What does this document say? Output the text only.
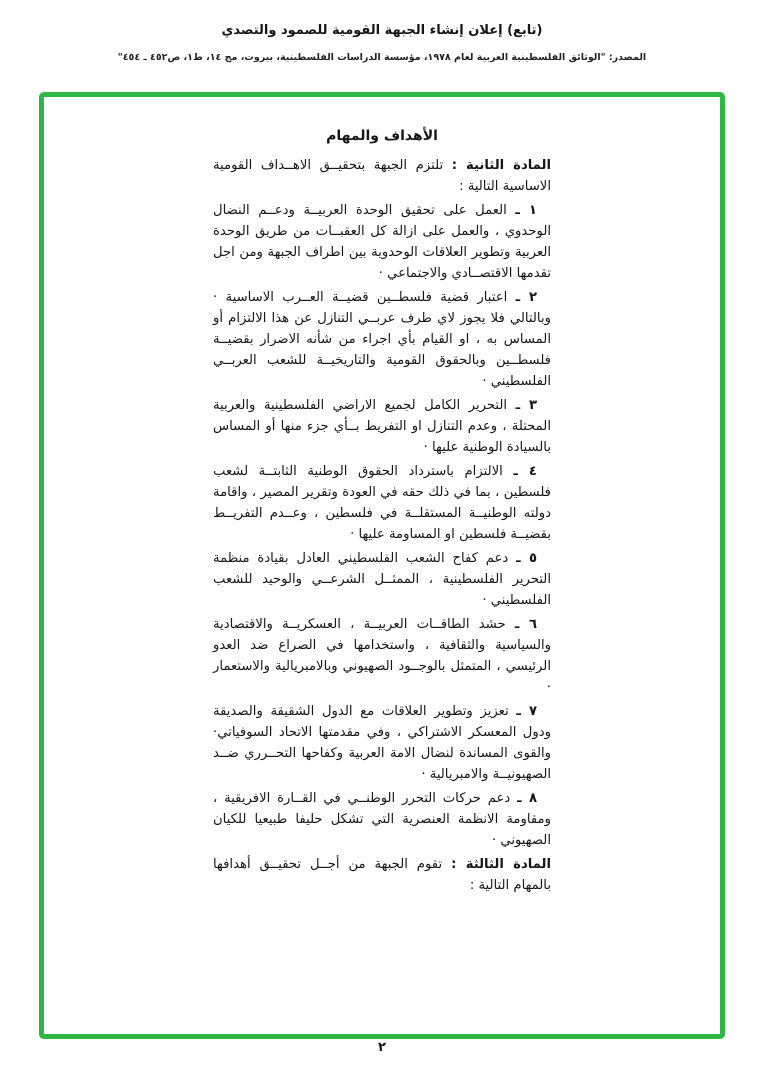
(تابع) إعلان إنشاء الجبهة القومية للصمود والتصدي
المصدر: "الوثائق الفلسطينية العربية لعام ١٩٧٨، مؤسسة الدراسات الفلسطينية، بيروت، مج ١٤، ط١، ص٤٥٢ ـ ٤٥٤"
الأهداف والمهام

المادة الثانية : تلتزم الجبهة بتحقيــق الاهــداف القومية الاساسية التالية :

١ ـ العمل على تحقيق الوحدة العربيــة ودعــم النضال الوحدوي ، والعمل على ازالة كل العقبــات من طريق الوحدة العربية وتطوير العلاقات الوحدوية بين اطراف الجبهة ومن اجل تقدمها الاقتصــادي والاجتماعي ·

٢ ـ اعتبار قضية فلسطــين قضيــة العــرب الاساسية · وبالتالي فلا يجوز لاي طرف عربــي التنازل عن هذا الالتزام أو المساس به ، او القيام بأي اجراء من شأنه الاضرار بقضيــة فلسطــين وبالحقوق القومية والتاريخيــة للشعب العربــي الفلسطيني ·

٣ ـ التحرير الكامل لجميع الاراضي الفلسطينية والعربية المحتلة ، وعدم التنازل او التفريط بــأي جزء منها أو المساس بالسيادة الوطنية عليها ·

٤ ـ الالتزام باسترداد الحقوق الوطنية الثابتــة لشعب فلسطين ، بما في ذلك حقه في العودة وتقرير المصير ، واقامة دولته الوطنيــة المستقلــة في فلسطين ، وعــدم التفريــط بقضيــة فلسطين او المساومة عليها ·

٥ ـ دعم كفاح الشعب الفلسطيني العادل بقيادة منظمة التحرير الفلسطينية ، الممثــل الشرعــي والوحيد للشعب الفلسطيني ·

٦ ـ حشد الطاقــات العربيــة ، العسكريــة والاقتصادية والسياسية والثقافية ، واستخدامها في الصراع ضد العدو الرئيسي ، المتمثل بالوجــود الصهيوني وبالامبريالية والاستعمار ·

٧ ـ تعزيز وتطوير العلاقات مع الدول الشقيقة والصديقة ودول المعسكر الاشتراكي ، وفي مقدمتها الاتحاد السوفياتي· والقوى المساندة لنضال الامة العربية وكفاحها التحــرري ضــد الصهيونيــة والامبريالية ·

٨ ـ دعم حركات التحرر الوطنــي في القــارة الافريقية ، ومقاومة الانظمة العنصرية التي تشكل حليفا طبيعيا للكيان الصهيوني ·

المادة الثالثة : تقوم الجبهة من أجــل تحقيــق أهدافها بالمهام التالية :

٢
